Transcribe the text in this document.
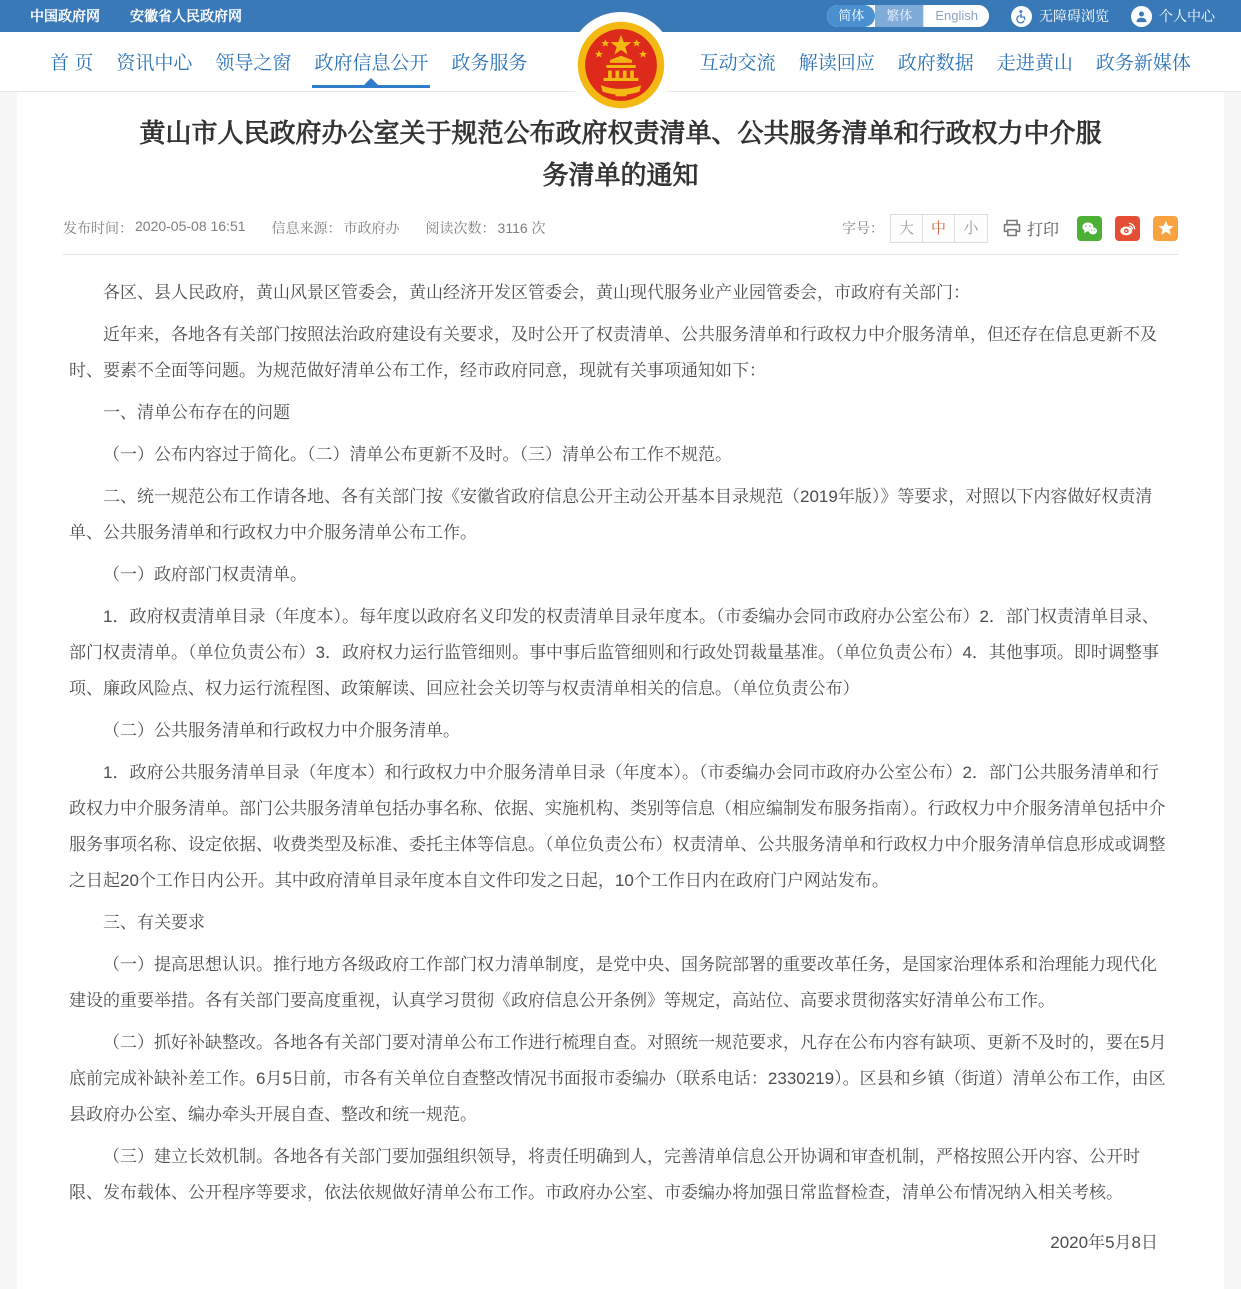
中国政府网 安徽省人民政府网	简体	繁体	English	无障碍浏览	个人中心
首 页 资讯中心 领导之窗 政府信息公开 政务服务	互动交流 解读回应 政府数据 走进黄山 政务新媒体
黄山市人民政府办公室关于规范公布政府权责清单、公共服务清单和行政权力中介服务清单的通知
发布时间： 2020-05-08 16:51 信息来源： 市政府办 阅读次数： 3116 次	字号： 大	中	小	打印

各区、县人民政府，黄山风景区管委会，黄山经济开发区管委会，黄山现代服务业产业园管委会，市政府有关部门：

近年来，各地各有关部门按照法治政府建设有关要求，及时公开了权责清单、公共服务清单和行政权力中介服务清单，但还存在信息更新不及时、要素不全面等问题。为规范做好清单公布工作，经市政府同意，现就有关事项通知如下：

一、清单公布存在的问题

（一）公布内容过于简化。（二）清单公布更新不及时。（三）清单公布工作不规范。

二、统一规范公布工作请各地、各有关部门按《安徽省政府信息公开主动公开基本目录规范（2019年版）》等要求，对照以下内容做好权责清单、公共服务清单和行政权力中介服务清单公布工作。

（一）政府部门权责清单。

1．政府权责清单目录（年度本）。每年度以政府名义印发的权责清单目录年度本。（市委编办会同市政府办公室公布）2．部门权责清单目录、部门权责清单。（单位负责公布）3．政府权力运行监管细则。事中事后监管细则和行政处罚裁量基准。（单位负责公布）4．其他事项。即时调整事项、廉政风险点、权力运行流程图、政策解读、回应社会关切等与权责清单相关的信息。（单位负责公布）

（二）公共服务清单和行政权力中介服务清单。

1．政府公共服务清单目录（年度本）和行政权力中介服务清单目录（年度本）。（市委编办会同市政府办公室公布）2．部门公共服务清单和行政权力中介服务清单。部门公共服务清单包括办事名称、依据、实施机构、类别等信息（相应编制发布服务指南）。行政权力中介服务清单包括中介服务事项名称、设定依据、收费类型及标准、委托主体等信息。（单位负责公布）权责清单、公共服务清单和行政权力中介服务清单信息形成或调整之日起20个工作日内公开。其中政府清单目录年度本自文件印发之日起，10个工作日内在政府门户网站发布。

三、有关要求

（一）提高思想认识。推行地方各级政府工作部门权力清单制度，是党中央、国务院部署的重要改革任务，是国家治理体系和治理能力现代化建设的重要举措。各有关部门要高度重视，认真学习贯彻《政府信息公开条例》等规定，高站位、高要求贯彻落实好清单公布工作。

（二）抓好补缺整改。各地各有关部门要对清单公布工作进行梳理自查。对照统一规范要求，凡存在公布内容有缺项、更新不及时的，要在5月底前完成补缺补差工作。6月5日前，市各有关单位自查整改情况书面报市委编办（联系电话：2330219）。区县和乡镇（街道）清单公布工作，由区县政府办公室、编办牵头开展自查、整改和统一规范。

（三）建立长效机制。各地各有关部门要加强组织领导，将责任明确到人，完善清单信息公开协调和审查机制，严格按照公开内容、公开时限、发布载体、公开程序等要求，依法依规做好清单公布工作。市政府办公室、市委编办将加强日常监督检查，清单公布情况纳入相关考核。

2020年5月8日
